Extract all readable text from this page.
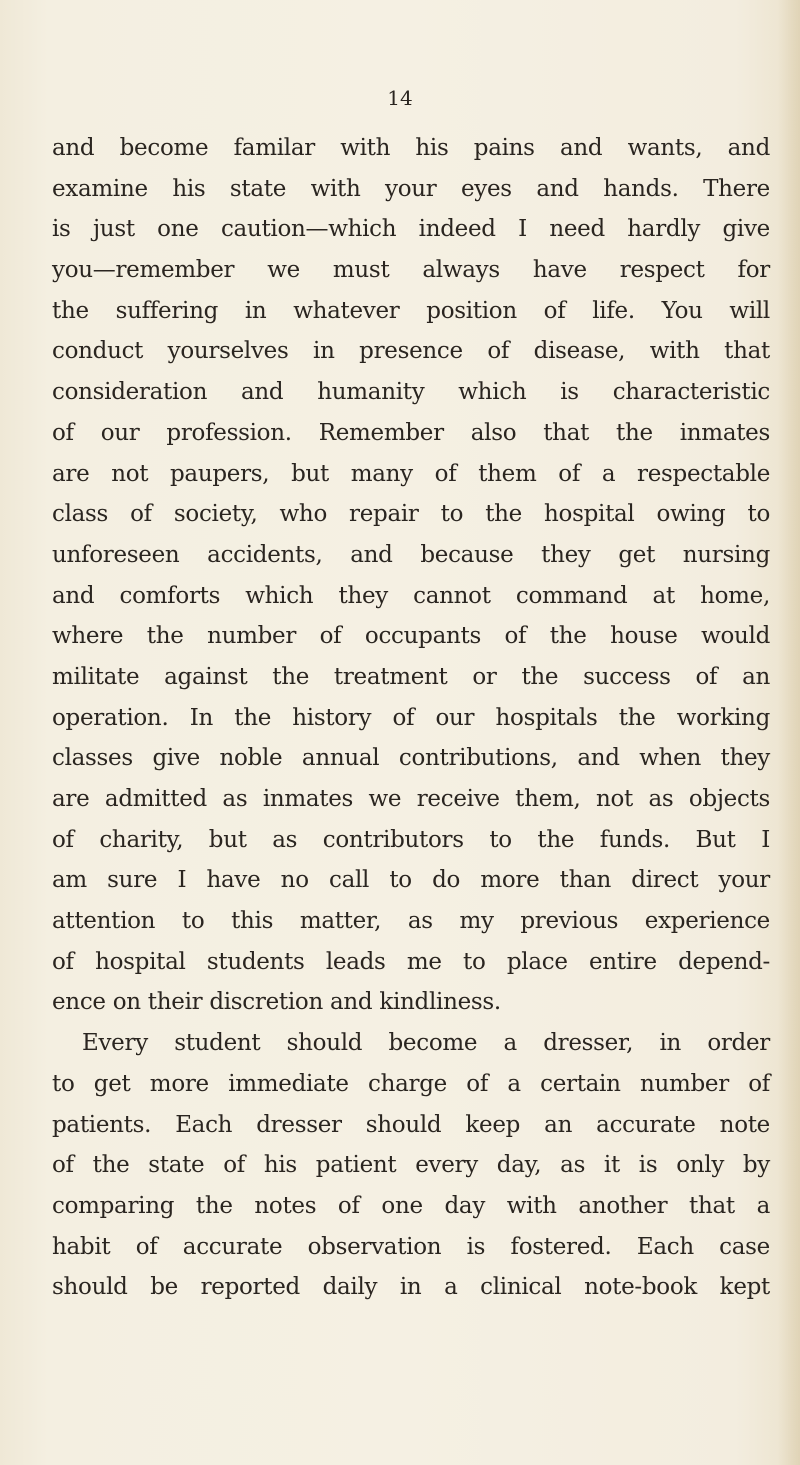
14

and become familar with his pains and wants, and
examine his state with your eyes and hands. There
is just one caution—which indeed I need hardly give
you—remember we must always have respect for
the suffering in whatever position of life. You will
conduct yourselves in presence of disease, with that
consideration and humanity which is characteristic
of our profession. Remember also that the inmates
are not paupers, but many of them of a respectable
class of society, who repair to the hospital owing to
unforeseen accidents, and because they get nursing
and comforts which they cannot command at home,
where the number of occupants of the house would
militate against the treatment or the success of an
operation. In the history of our hospitals the working
classes give noble annual contributions, and when they
are admitted as inmates we receive them, not as objects
of charity, but as contributors to the funds. But I
am sure I have no call to do more than direct your
attention to this matter, as my previous experience
of hospital students leads me to place entire depend-
ence on their discretion and kindliness.
Every student should become a dresser, in order
to get more immediate charge of a certain number of
patients. Each dresser should keep an accurate note
of the state of his patient every day, as it is only by
comparing the notes of one day with another that a
habit of accurate observation is fostered. Each case
should be reported daily in a clinical note-book kept
